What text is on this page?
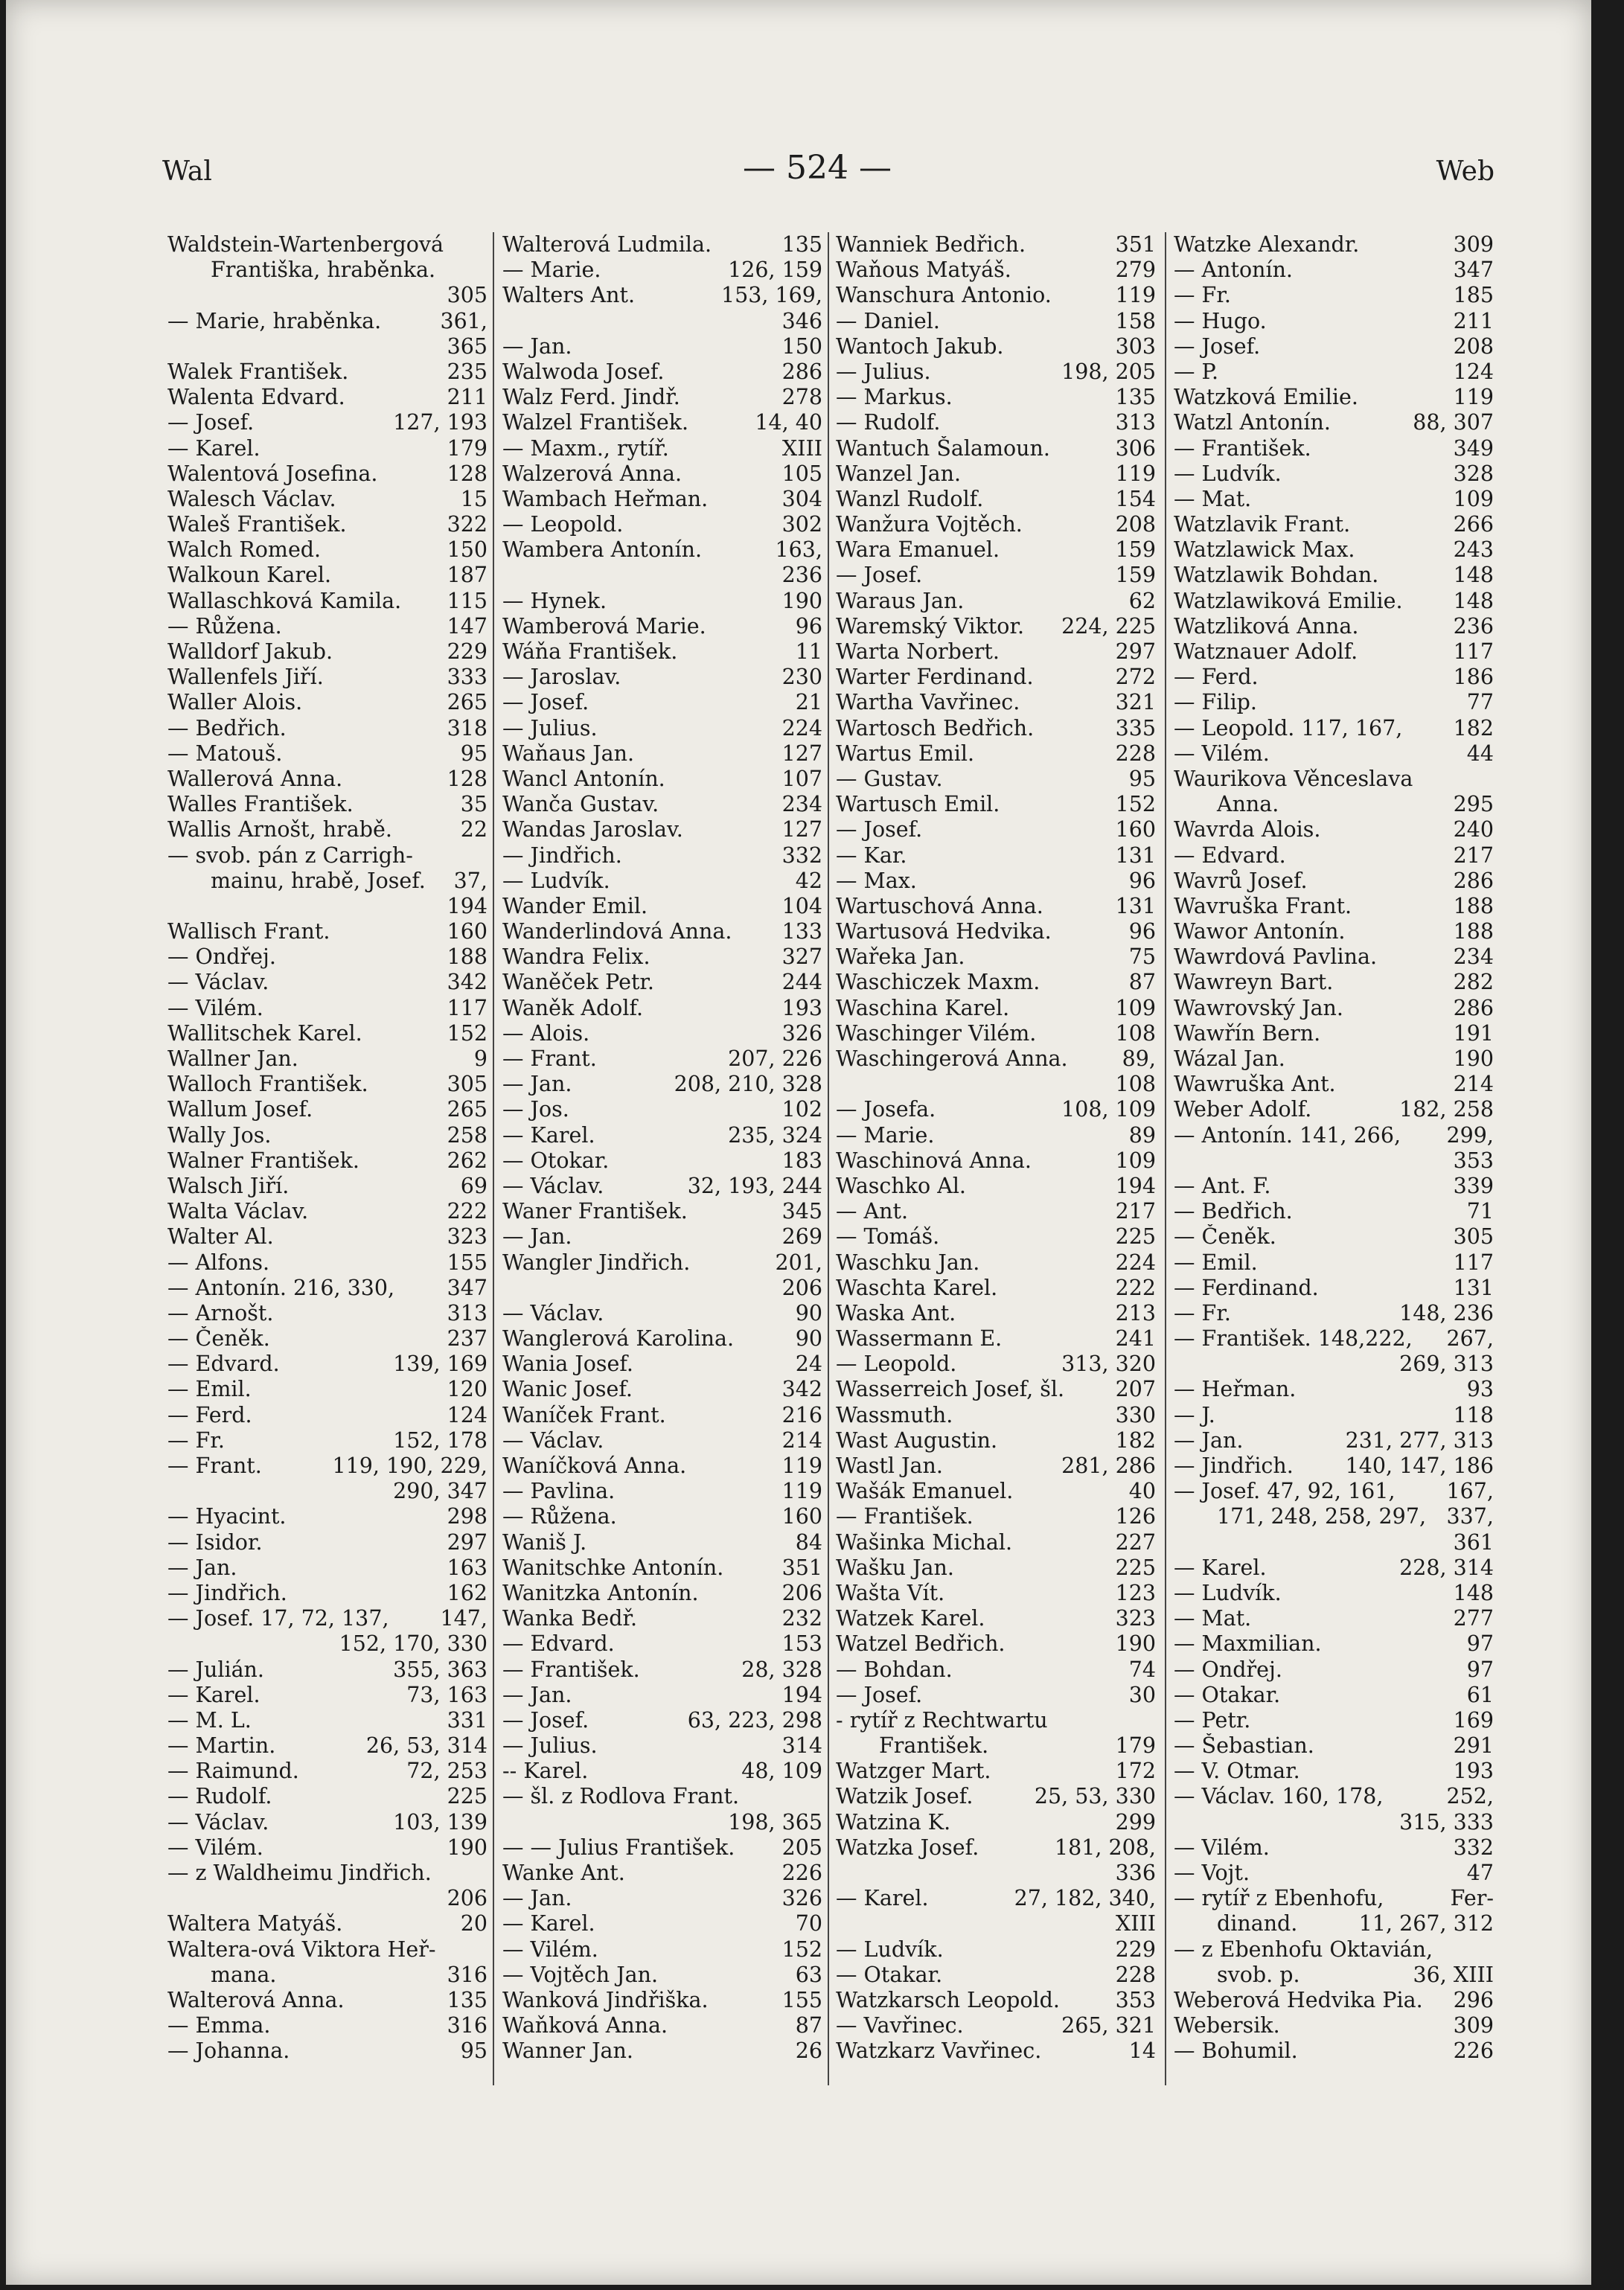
Wal	— 524 —	Web
Waldstein-Wartenbergová
Františka, hraběnka.
305
— Marie, hraběnka.	361,
365
Walek František.	235
Walenta Edvard.	211
— Josef.	127, 193
— Karel.	179
Walentová Josefina.	128
Walesch Václav.	15
Waleš František.	322
Walch Romed.	150
Walkoun Karel.	187
Wallaschková Kamila. 115
— Růžena.	147
Walldorf Jakub.	229
Wallenfels Jiří.	333
Waller Alois.	265
— Bedřich.	318
— Matouš.	95
Wallerová Anna.	128
Walles František.	35
Wallis Arnošt, hrabě.	22
— svob. pán z Carrigh-
mainu, hrabě, Josef. 37,
194
Wallisch Frant.	160
— Ondřej.	188
— Václav.	342
— Vilém.	117
Wallitschek Karel.	152
Wallner Jan.	9
Walloch František.	305
Wallum Josef.	265
Wally Jos.	258
Walner František.	262
Walsch Jiří.	69
Walta Václav.	222
Walter Al.	323
— Alfons.	155
— Antonín. 216, 330, 347
— Arnošt.	313
— Čeněk.	237
— Edvard.	139, 169
— Emil.	120
— Ferd.	124
— Fr.	152, 178
— Frant.	119, 190, 229,
290, 347
— Hyacint.	298
— Isidor.	297
— Jan.	163
— Jindřich.	162
— Josef. 17, 72, 137, 147,
152, 170, 330
— Julián.	355, 363
— Karel.	73, 163
— M. L.	331
— Martin.	26, 53, 314
— Raimund.	72, 253
— Rudolf.	225
— Václav.	103, 139
— Vilém.	190
— z Waldheimu Jindřich.
206
Waltera Matyáš.	20
Waltera-ová Viktora Heř-
mana.	316
Walterová Anna.	135
— Emma.	316
— Johanna.	95
Walterová Ludmila.	135
— Marie.	126, 159
Walters Ant.	153, 169,
346
— Jan.	150
Walwoda Josef.	286
Walz Ferd. Jindř.	278
Walzel František.	14, 40
— Maxm., rytíř.	XIII
Walzerová Anna.	105
Wambach Heřman.	304
— Leopold.	302
Wambera Antonín.	163,
236
— Hynek.	190
Wamberová Marie.	96
Wáňa František.	11
— Jaroslav.	230
— Josef.	21
— Julius.	224
Waňaus Jan.	127
Wancl Antonín.	107
Wanča Gustav.	234
Wandas Jaroslav.	127
— Jindřich.	332
— Ludvík.	42
Wander Emil.	104
Wanderlindová Anna. 133
Wandra Felix.	327
Waněček Petr.	244
Waněk Adolf.	193
— Alois.	326
— Frant.	207, 226
— Jan.	208, 210, 328
— Jos.	102
— Karel.	235, 324
— Otokar.	183
— Václav.	32, 193, 244
Waner František.	345
— Jan.	269
Wangler Jindřich.	201,
206
— Václav.	90
Wanglerová Karolina.	90
Wania Josef.	24
Wanic Josef.	342
Waníček Frant.	216
— Václav.	214
Waníčková Anna.	119
— Pavlina.	119
— Růžena.	160
Waniš J.	84
Wanitschke Antonín.	351
Wanitzka Antonín.	206
Wanka Bedř.	232
— Edvard.	153
— František.	28, 328
— Jan.	194
— Josef.	63, 223, 298
— Julius.	314
-- Karel.	48, 109
— šl. z Rodlova Frant.
198, 365
— — Julius František. 205
Wanke Ant.	226
— Jan.	326
— Karel.	70
— Vilém.	152
— Vojtěch Jan.	63
Wanková Jindřiška.	155
Waňková Anna.	87
Wanner Jan.	26
Wanniek Bedřich.	351
Waňous Matyáš.	279
Wanschura Antonio.	119
— Daniel.	158
Wantoch Jakub.	303
— Julius.	198, 205
— Markus.	135
— Rudolf.	313
Wantuch Šalamoun.	306
Wanzel Jan.	119
Wanzl Rudolf.	154
Wanžura Vojtěch.	208
Wara Emanuel.	159
— Josef.	159
Waraus Jan.	62
Waremský Viktor. 224, 225
Warta Norbert.	297
Warter Ferdinand.	272
Wartha Vavřinec.	321
Wartosch Bedřich.	335
Wartus Emil.	228
— Gustav.	95
Wartusch Emil.	152
— Josef.	160
— Kar.	131
— Max.	96
Wartuschová Anna.	131
Wartusová Hedvika.	96
Wařeka Jan.	75
Waschiczek Maxm.	87
Waschina Karel.	109
Waschinger Vilém.	108
Waschingerová Anna.	89,
108
— Josefa.	108, 109
— Marie.	89
Waschinová Anna.	109
Waschko Al.	194
— Ant.	217
— Tomáš.	225
Waschku Jan.	224
Waschta Karel.	222
Waska Ant.	213
Wassermann E.	241
— Leopold.	313, 320
Wasserreich Josef, šl. 207
Wassmuth.	330
Wast Augustin.	182
Wastl Jan.	281, 286
Wašák Emanuel.	40
— František.	126
Wašinka Michal.	227
Wašku Jan.	225
Wašta Vít.	123
Watzek Karel.	323
Watzel Bedřich.	190
— Bohdan.	74
— Josef.	30
- rytíř z Rechtwartu
František.	179
Watzger Mart.	172
Watzik Josef.	25, 53, 330
Watzina K.	299
Watzka Josef.	181, 208,
336
— Karel.	27, 182, 340,
XIII
— Ludvík.	229
— Otakar.	228
Watzkarsch Leopold.	353
— Vavřinec.	265, 321
Watzkarz Vavřinec.	14
Watzke Alexandr.	309
— Antonín.	347
— Fr.	185
— Hugo.	211
— Josef.	208
— P.	124
Watzková Emilie.	119
Watzl Antonín.	88, 307
— František.	349
— Ludvík.	328
— Mat.	109
Watzlavik Frant.	266
Watzlawick Max.	243
Watzlawik Bohdan.	148
Watzlawiková Emilie. 148
Watzliková Anna.	236
Watznauer Adolf.	117
— Ferd.	186
— Filip.	77
— Leopold. 117, 167, 182
— Vilém.	44
Waurikova Věnceslava
Anna.	295
Wavrda Alois.	240
— Edvard.	217
Wavrů Josef.	286
Wavruška Frant.	188
Wawor Antonín.	188
Wawrdová Pavlina.	234
Wawreyn Bart.	282
Wawrovský Jan.	286
Wawřín Bern.	191
Wázal Jan.	190
Wawruška Ant.	214
Weber Adolf.	182, 258
— Antonín. 141, 266, 299,
353
— Ant. F.	339
— Bedřich.	71
— Čeněk.	305
— Emil.	117
— Ferdinand.	131
— Fr.	148, 236
— František. 148,222, 267,
269, 313
— Heřman.	93
— J.	118
— Jan.	231, 277, 313
— Jindřich. 140, 147, 186
— Josef. 47, 92, 161, 167,
171, 248, 258, 297, 337,
361
— Karel.	228, 314
— Ludvík.	148
— Mat.	277
— Maxmilian.	97
— Ondřej.	97
— Otakar.	61
— Petr.	169
— Šebastian.	291
— V. Otmar.	193
— Václav. 160, 178,	252,
315, 333
— Vilém.	332
— Vojt.	47
— rytíř z Ebenhofu,	Fer-
dinand.	11, 267, 312
— z Ebenhofu Oktavián,
svob. p.	36, XIII
Weberová Hedvika Pia. 296
Webersik.	309
— Bohumil.	226
